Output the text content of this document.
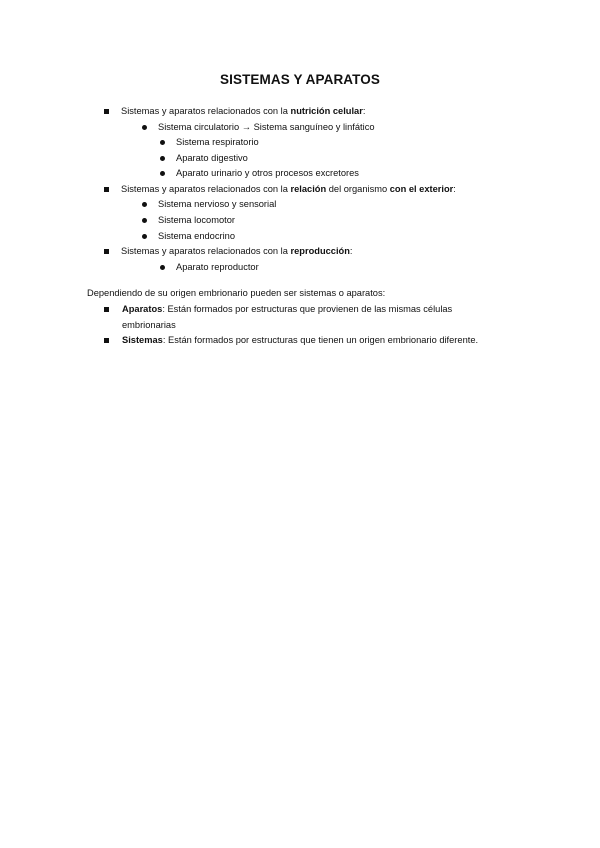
SISTEMAS Y APARATOS
Sistemas y aparatos relacionados con la nutrición celular:
Sistema circulatorio → Sistema sanguíneo y linfático
Sistema respiratorio
Aparato digestivo
Aparato urinario y otros procesos excretores
Sistemas y aparatos relacionados con la relación del organismo con el exterior:
Sistema nervioso y sensorial
Sistema locomotor
Sistema endocrino
Sistemas y aparatos relacionados con la reproducción:
Aparato reproductor
Dependiendo de su origen embrionario pueden ser sistemas o aparatos:
Aparatos: Están formados por estructuras que provienen de las mismas células
embrionarias
Sistemas: Están formados por estructuras que tienen un origen embrionario diferente.
